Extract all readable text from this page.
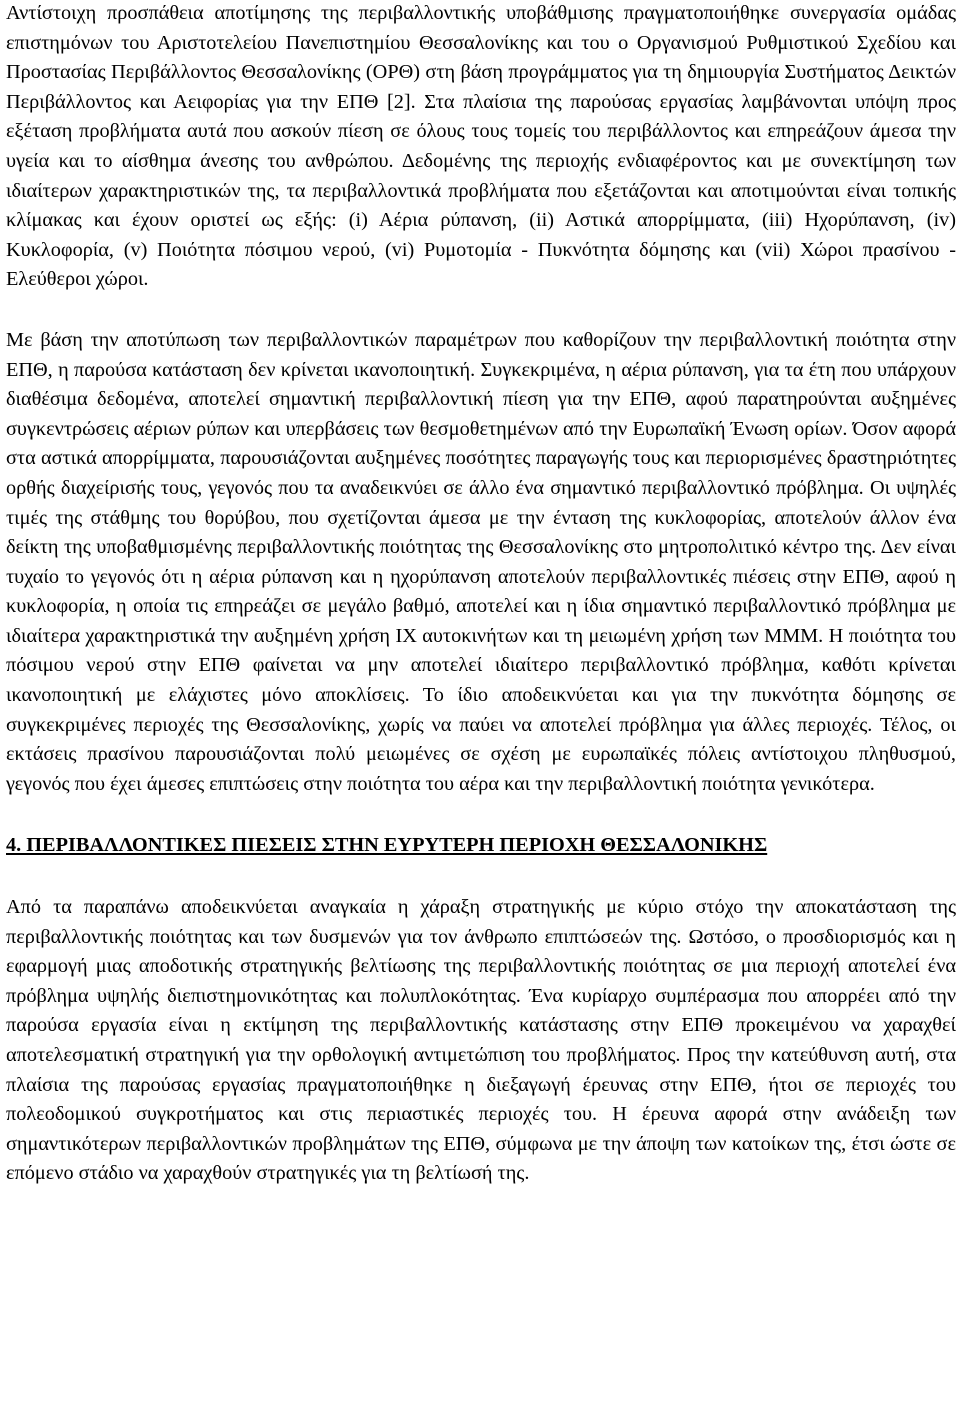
Αντίστοιχη προσπάθεια αποτίμησης της περιβαλλοντικής υποβάθμισης πραγματοποιήθηκε συνεργασία ομάδας επιστημόνων του Αριστοτελείου Πανεπιστημίου Θεσσαλονίκης και του ο Οργανισμού Ρυθμιστικού Σχεδίου και Προστασίας Περιβάλλοντος Θεσσαλονίκης (ΟΡΘ) στη βάση προγράμματος για τη δημιουργία Συστήματος Δεικτών Περιβάλλοντος και Αειφορίας για την ΕΠΘ [2]. Στα πλαίσια της παρούσας εργασίας λαμβάνονται υπόψη προς εξέταση προβλήματα αυτά που ασκούν πίεση σε όλους τους τομείς του περιβάλλοντος και επηρεάζουν άμεσα την υγεία και το αίσθημα άνεσης του ανθρώπου. Δεδομένης της περιοχής ενδιαφέροντος και με συνεκτίμηση των ιδιαίτερων χαρακτηριστικών της, τα περιβαλλοντικά προβλήματα που εξετάζονται και αποτιμούνται είναι τοπικής κλίμακας και έχουν οριστεί ως εξής: (i) Αέρια ρύπανση, (ii) Αστικά απορρίμματα, (iii) Ηχορύπανση, (iv) Κυκλοφορία, (v) Ποιότητα πόσιμου νερού, (vi) Ρυμοτομία - Πυκνότητα δόμησης και (vii) Χώροι πρασίνου - Ελεύθεροι χώροι.

Με βάση την αποτύπωση των περιβαλλοντικών παραμέτρων που καθορίζουν την περιβαλλοντική ποιότητα στην ΕΠΘ, η παρούσα κατάσταση δεν κρίνεται ικανοποιητική. Συγκεκριμένα, η αέρια ρύπανση, για τα έτη που υπάρχουν διαθέσιμα δεδομένα, αποτελεί σημαντική περιβαλλοντική πίεση για την ΕΠΘ, αφού παρατηρούνται αυξημένες συγκεντρώσεις αέριων ρύπων και υπερβάσεις των θεσμοθετημένων από την Ευρωπαϊκή Ένωση ορίων. Όσον αφορά στα αστικά απορρίμματα, παρουσιάζονται αυξημένες ποσότητες παραγωγής τους και περιορισμένες δραστηριότητες ορθής διαχείρισής τους, γεγονός που τα αναδεικνύει σε άλλο ένα σημαντικό περιβαλλοντικό πρόβλημα. Οι υψηλές τιμές της στάθμης του θορύβου, που σχετίζονται άμεσα με την ένταση της κυκλοφορίας, αποτελούν άλλον ένα δείκτη της υποβαθμισμένης περιβαλλοντικής ποιότητας της Θεσσαλονίκης στο μητροπολιτικό κέντρο της. Δεν είναι τυχαίο το γεγονός ότι η αέρια ρύπανση και η ηχορύπανση αποτελούν περιβαλλοντικές πιέσεις στην ΕΠΘ, αφού η κυκλοφορία, η οποία τις επηρεάζει σε μεγάλο βαθμό, αποτελεί και η ίδια σημαντικό περιβαλλοντικό πρόβλημα με ιδιαίτερα χαρακτηριστικά την αυξημένη χρήση ΙΧ αυτοκινήτων και τη μειωμένη χρήση των ΜΜΜ. Η ποιότητα του πόσιμου νερού στην ΕΠΘ φαίνεται να μην αποτελεί ιδιαίτερο περιβαλλοντικό πρόβλημα, καθότι κρίνεται ικανοποιητική με ελάχιστες μόνο αποκλίσεις. Το ίδιο αποδεικνύεται και για την πυκνότητα δόμησης σε συγκεκριμένες περιοχές της Θεσσαλονίκης, χωρίς να παύει να αποτελεί πρόβλημα για άλλες περιοχές. Τέλος, οι εκτάσεις πρασίνου παρουσιάζονται πολύ μειωμένες σε σχέση με ευρωπαϊκές πόλεις αντίστοιχου πληθυσμού, γεγονός που έχει άμεσες επιπτώσεις στην ποιότητα του αέρα και την περιβαλλοντική ποιότητα γενικότερα.

4. ΠΕΡΙΒΑΛΛΟΝΤΙΚΕΣ ΠΙΕΣΕΙΣ ΣΤΗΝ ΕΥΡΥΤΕΡΗ ΠΕΡΙΟΧΗ ΘΕΣΣΑΛΟΝΙΚΗΣ

Από τα παραπάνω αποδεικνύεται αναγκαία η χάραξη στρατηγικής με κύριο στόχο την αποκατάσταση της περιβαλλοντικής ποιότητας και των δυσμενών για τον άνθρωπο επιπτώσεών της. Ωστόσο, ο προσδιορισμός και η εφαρμογή μιας αποδοτικής στρατηγικής βελτίωσης της περιβαλλοντικής ποιότητας σε μια περιοχή αποτελεί ένα πρόβλημα υψηλής διεπιστημονικότητας και πολυπλοκότητας. Ένα κυρίαρχο συμπέρασμα που απορρέει από την παρούσα εργασία είναι η εκτίμηση της περιβαλλοντικής κατάστασης στην ΕΠΘ προκειμένου να χαραχθεί αποτελεσματική στρατηγική για την ορθολογική αντιμετώπιση του προβλήματος. Προς την κατεύθυνση αυτή, στα πλαίσια της παρούσας εργασίας πραγματοποιήθηκε η διεξαγωγή έρευνας στην ΕΠΘ, ήτοι σε περιοχές του πολεοδομικού συγκροτήματος και στις περιαστικές περιοχές του. Η έρευνα αφορά στην ανάδειξη των σημαντικότερων περιβαλλοντικών προβλημάτων της ΕΠΘ, σύμφωνα με την άποψη των κατοίκων της, έτσι ώστε σε επόμενο στάδιο να χαραχθούν στρατηγικές για τη βελτίωσή της.
